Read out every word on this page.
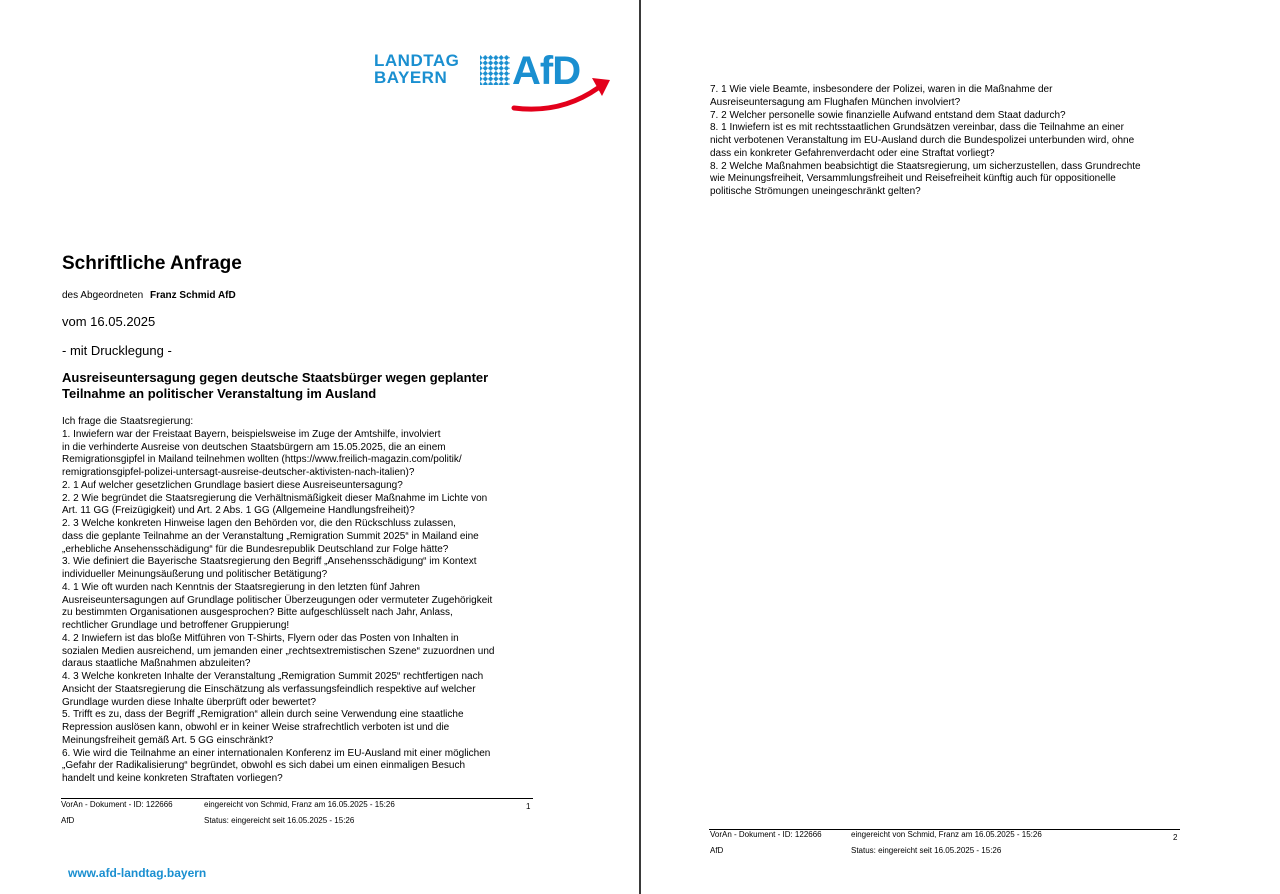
LANDTAG
BAYERN	AfD
Schriftliche Anfrage
des Abgeordneten Franz Schmid AfD
vom 16.05.2025
- mit Drucklegung -
Ausreiseuntersagung gegen deutsche Staatsbürger wegen geplanter
Teilnahme an politischer Veranstaltung im Ausland
Ich frage die Staatsregierung:
1. Inwiefern war der Freistaat Bayern, beispielsweise im Zuge der Amtshilfe, involviert
in die verhinderte Ausreise von deutschen Staatsbürgern am 15.05.2025, die an einem
Remigrationsgipfel in Mailand teilnehmen wollten (https://www.freilich-magazin.com/politik/
remigrationsgipfel-polizei-untersagt-ausreise-deutscher-aktivisten-nach-italien)?
2. 1 Auf welcher gesetzlichen Grundlage basiert diese Ausreiseuntersagung?
2. 2 Wie begründet die Staatsregierung die Verhältnismäßigkeit dieser Maßnahme im Lichte von
Art. 11 GG (Freizügigkeit) und Art. 2 Abs. 1 GG (Allgemeine Handlungsfreiheit)?
2. 3 Welche konkreten Hinweise lagen den Behörden vor, die den Rückschluss zulassen,
dass die geplante Teilnahme an der Veranstaltung „Remigration Summit 2025“ in Mailand eine
„erhebliche Ansehensschädigung“ für die Bundesrepublik Deutschland zur Folge hätte?
3. Wie definiert die Bayerische Staatsregierung den Begriff „Ansehensschädigung“ im Kontext
individueller Meinungsäußerung und politischer Betätigung?
4. 1 Wie oft wurden nach Kenntnis der Staatsregierung in den letzten fünf Jahren
Ausreiseuntersagungen auf Grundlage politischer Überzeugungen oder vermuteter Zugehörigkeit
zu bestimmten Organisationen ausgesprochen? Bitte aufgeschlüsselt nach Jahr, Anlass,
rechtlicher Grundlage und betroffener Gruppierung!
4. 2 Inwiefern ist das bloße Mitführen von T-Shirts, Flyern oder das Posten von Inhalten in
sozialen Medien ausreichend, um jemanden einer „rechtsextremistischen Szene“ zuzuordnen und
daraus staatliche Maßnahmen abzuleiten?
4. 3 Welche konkreten Inhalte der Veranstaltung „Remigration Summit 2025“ rechtfertigen nach
Ansicht der Staatsregierung die Einschätzung als verfassungsfeindlich respektive auf welcher
Grundlage wurden diese Inhalte überprüft oder bewertet?
5. Trifft es zu, dass der Begriff „Remigration“ allein durch seine Verwendung eine staatliche
Repression auslösen kann, obwohl er in keiner Weise strafrechtlich verboten ist und die
Meinungsfreiheit gemäß Art. 5 GG einschränkt?
6. Wie wird die Teilnahme an einer internationalen Konferenz im EU-Ausland mit einer möglichen
„Gefahr der Radikalisierung“ begründet, obwohl es sich dabei um einen einmaligen Besuch
handelt und keine konkreten Straftaten vorliegen?
VorAn - Dokument - ID: 122666	eingereicht von Schmid, Franz am 16.05.2025 - 15:26	1
AfD	Status: eingereicht seit 16.05.2025 - 15:26
www.afd-landtag.bayern
7. 1 Wie viele Beamte, insbesondere der Polizei, waren in die Maßnahme der
Ausreiseuntersagung am Flughafen München involviert?
7. 2 Welcher personelle sowie finanzielle Aufwand entstand dem Staat dadurch?
8. 1 Inwiefern ist es mit rechtsstaatlichen Grundsätzen vereinbar, dass die Teilnahme an einer
nicht verbotenen Veranstaltung im EU-Ausland durch die Bundespolizei unterbunden wird, ohne
dass ein konkreter Gefahrenverdacht oder eine Straftat vorliegt?
8. 2 Welche Maßnahmen beabsichtigt die Staatsregierung, um sicherzustellen, dass Grundrechte
wie Meinungsfreiheit, Versammlungsfreiheit und Reisefreiheit künftig auch für oppositionelle
politische Strömungen uneingeschränkt gelten?
VorAn - Dokument - ID: 122666	eingereicht von Schmid, Franz am 16.05.2025 - 15:26	2
AfD	Status: eingereicht seit 16.05.2025 - 15:26
